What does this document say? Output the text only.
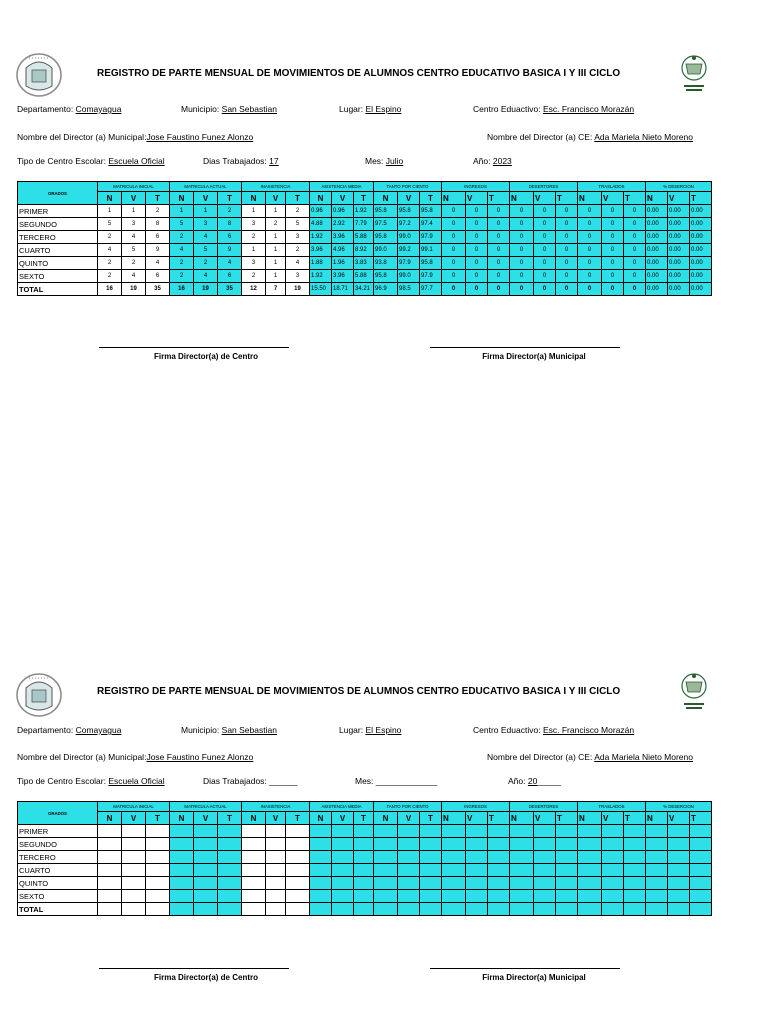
REGISTRO DE PARTE MENSUAL DE MOVIMIENTOS DE ALUMNOS CENTRO EDUCATIVO BASICA I Y III CICLO
Departamento: Comayagua	Municipio: San Sebastian	Lugar: El Espino	Centro Eduactivo: Esc. Francisco Morazán
Nombre del Director (a) Municipal:Jose Faustino Funez Alonzo	Nombre del Director (a) CE: Ada Mariela Nieto Moreno
Tipo de Centro Escolar: Escuela Oficial	Dias Trabajados: 17	Mes: Julio	Año: 2023
GRADOS	MATRICULA INICIAL			MATRICULA ACTUAL			INASISTENCIA			ASISTENCIA MEDIA			TANTO POR CIENTO			INGRESOS			DESERTORES			TRASLADOS			% DESERCION		
	N	V	T	N	V	T	N	V	T	N	V	T	N	V	T	N	V	T	N	V	T	N	V	T	N	V	T
PRIMER	1	1	2	1	1	2	1	1	2	0.96	0.96	1.92	95.8	95.8	95.8	0	0	0	0	0	0	0	0	0	0.00	0.00	0.00
SEGUNDO	5	3	8	5	3	8	3	2	5	4.88	2.92	7.79	97.5	97.2	97.4	0	0	0	0	0	0	0	0	0	0.00	0.00	0.00
TERCERO	2	4	6	2	4	6	2	1	3	1.92	3.96	5.88	95.8	99.0	97.9	0	0	0	0	0	0	0	0	0	0.00	0.00	0.00
CUARTO	4	5	9	4	5	9	1	1	2	3.96	4.96	8.92	99.0	99.2	99.1	0	0	0	0	0	0	0	0	0	0.00	0.00	0.00
QUINTO	2	2	4	2	2	4	3	1	4	1.88	1.96	3.83	93.8	97.9	95.8	0	0	0	0	0	0	0	0	0	0.00	0.00	0.00
SEXTO	2	4	6	2	4	6	2	1	3	1.92	3.96	5.88	95.8	99.0	97.9	0	0	0	0	0	0	0	0	0	0.00	0.00	0.00
TOTAL	16	19	35	16	19	35	12	7	19	15.50	18.71	34.21	96.9	98.5	97.7	0	0	0	0	0	0	0	0	0	0.00	0.00	0.00
Firma Director(a) de Centro	Firma Director(a) Municipal
REGISTRO DE PARTE MENSUAL DE MOVIMIENTOS DE ALUMNOS CENTRO EDUCATIVO BASICA I Y III CICLO
Departamento: Comayagua	Municipio: San Sebastian	Lugar: El Espino	Centro Eduactivo: Esc. Francisco Morazán
Nombre del Director (a) Municipal:Jose Faustino Funez Alonzo	Nombre del Director (a) CE: Ada Mariela Nieto Moreno
Tipo de Centro Escolar: Escuela Oficial	Dias Trabajados: ______	Mes: _____________	Año: 20_____
GRADOS	MATRICULA INICIAL			MATRICULA ACTUAL			INASISTENCIA			ASISTENCIA MEDIA			TANTO POR CIENTO			INGRESOS			DESERTORES			TRASLADOS			% DESERCION		
	N	V	T	N	V	T	N	V	T	N	V	T	N	V	T	N	V	T	N	V	T	N	V	T	N	V	T
PRIMER																											
SEGUNDO																											
TERCERO																											
CUARTO																											
QUINTO																											
SEXTO																											
TOTAL																											
Firma Director(a) de Centro	Firma Director(a) Municipal
